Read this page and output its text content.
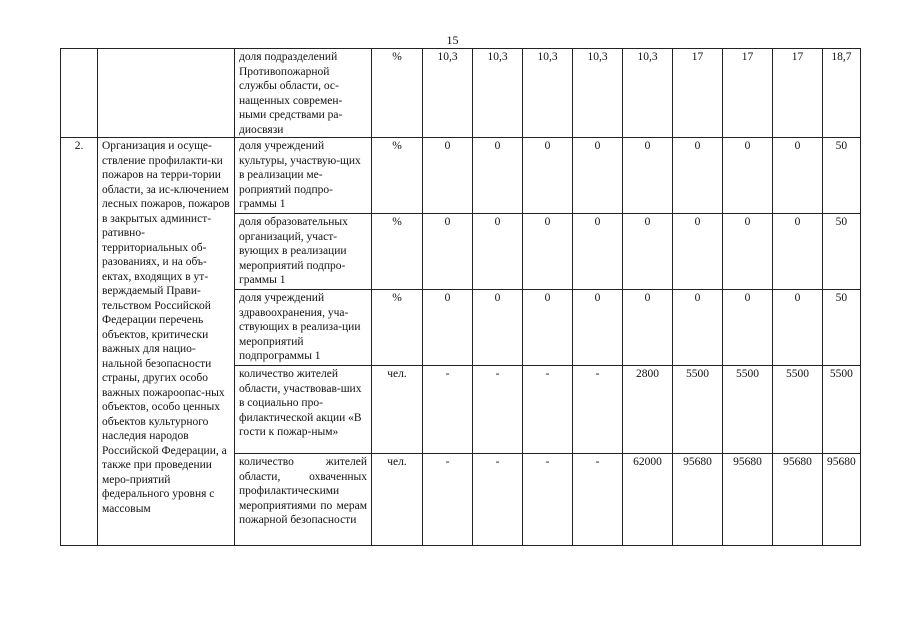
15
		доля подразделений Противопожарной службы области, ос-нащенных современ-ными средствами ра-диосвязи	%	10,3	10,3	10,3	10,3	10,3	17	17	17	18,7
2.	Организация и осуще-ствление профилакти-ки пожаров на терри-тории области, за ис-ключением лесных пожаров, пожаров в закрытых админист-ративно-территориальных об-разованиях, и на объ-ектах, входящих в ут-верждаемый Прави-тельством Российской Федерации перечень объектов, критически важных для нацио-нальной безопасности страны, других особо важных пожароопас-ных объектов, особо ценных объектов культурного наследия народов Российской Федерации, а также при проведении меро-приятий федерального уровня с массовым	доля учреждений культуры, участвую-щих в реализации ме-роприятий подпро-граммы 1	%	0	0	0	0	0	0	0	0	50
		доля образовательных организаций, участ-вующих в реализации мероприятий подпро-граммы 1	%	0	0	0	0	0	0	0	0	50
		доля учреждений здравоохранения, уча-ствующих в реализа-ции мероприятий подпрограммы 1	%	0	0	0	0	0	0	0	0	50
		количество жителей области, участвовав-ших в социально про-филактической акции «В гости к пожар-ным»	чел.	-	-	-	-	2800	5500	5500	5500	5500
		количество жителей области, охваченных профилактическими мероприятиями по мерам пожарной безопасности	чел.	-	-	-	-	62000	95680	95680	95680	95680
